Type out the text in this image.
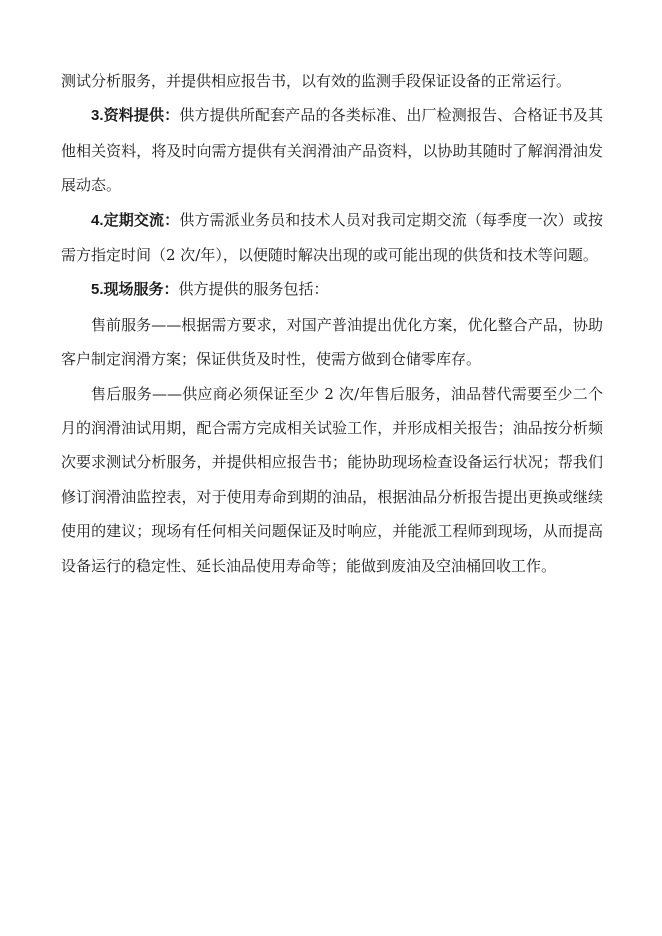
测试分析服务，并提供相应报告书，以有效的监测手段保证设备的正常运行。

3.资料提供：供方提供所配套产品的各类标准、出厂检测报告、合格证书及其他相关资料，将及时向需方提供有关润滑油产品资料，以协助其随时了解润滑油发展动态。

4.定期交流：供方需派业务员和技术人员对我司定期交流（每季度一次）或按需方指定时间（2 次/年），以便随时解决出现的或可能出现的供货和技术等问题。

5.现场服务：供方提供的服务包括：

售前服务——根据需方要求，对国产普油提出优化方案，优化整合产品，协助客户制定润滑方案；保证供货及时性，使需方做到仓储零库存。

售后服务——供应商必须保证至少 2 次/年售后服务，油品替代需要至少二个月的润滑油试用期，配合需方完成相关试验工作，并形成相关报告；油品按分析频次要求测试分析服务，并提供相应报告书；能协助现场检查设备运行状况；帮我们修订润滑油监控表，对于使用寿命到期的油品，根据油品分析报告提出更换或继续使用的建议；现场有任何相关问题保证及时响应，并能派工程师到现场，从而提高设备运行的稳定性、延长油品使用寿命等；能做到废油及空油桶回收工作。
